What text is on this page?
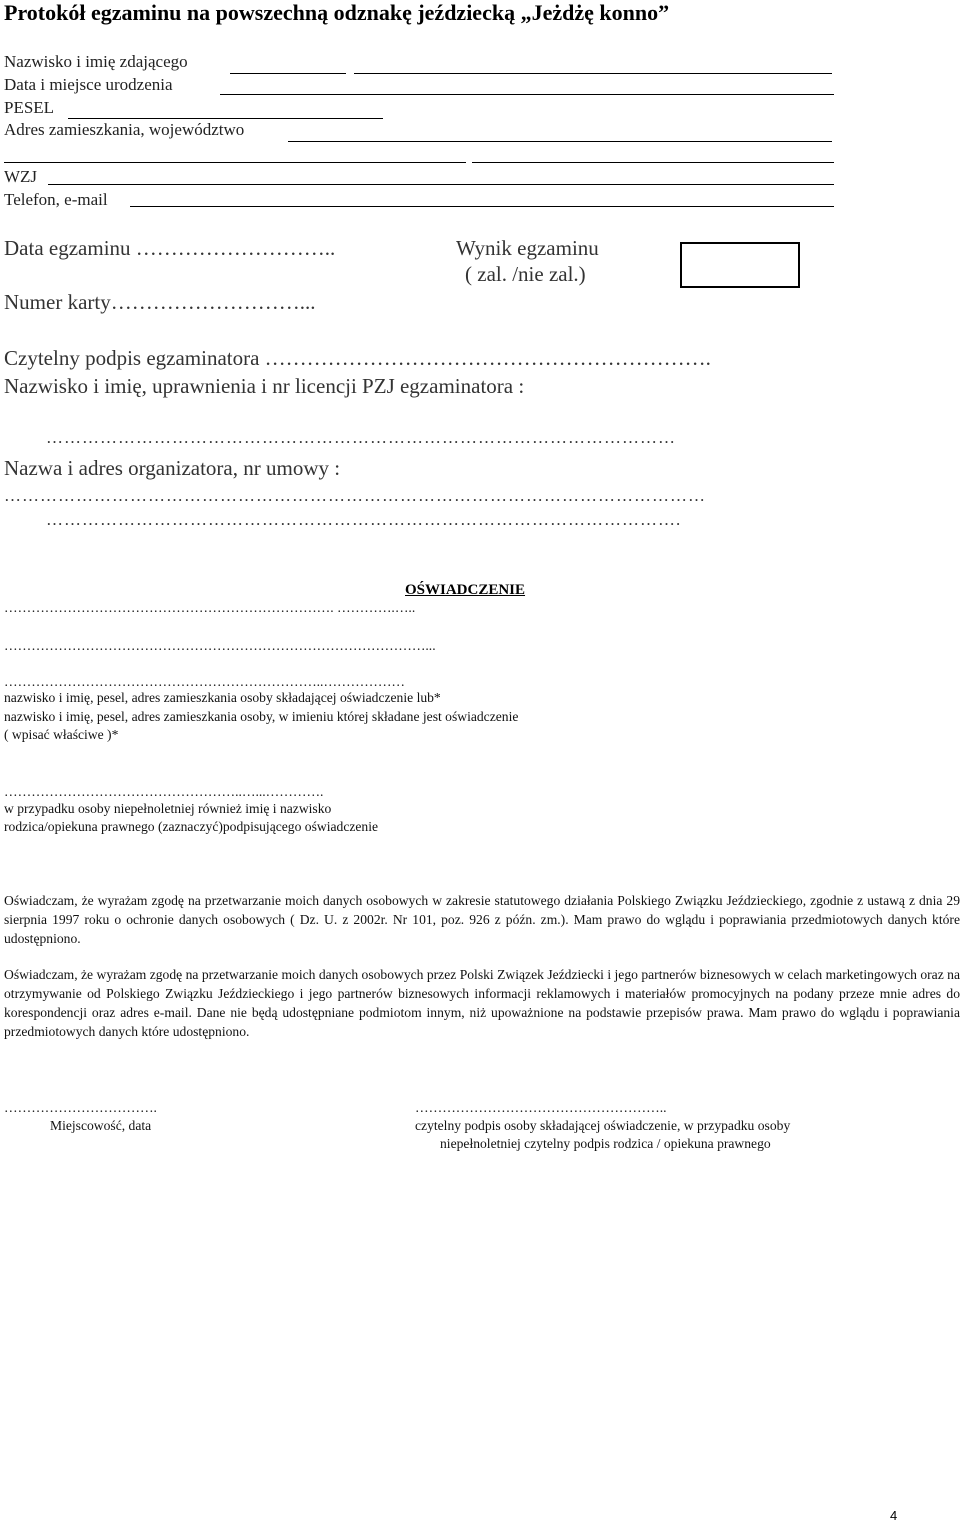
Protokół egzaminu na powszechną odznakę jeździecką „Jeżdżę konno”
Nazwisko i imię zdającego
Data i miejsce urodzenia
PESEL
Adres zamieszkania, województwo
WZJ
Telefon, e-mail
Data egzaminu ………………………..
Numer karty………………………...
Wynik egzaminu
( zal. /nie zal.)
Czytelny podpis egzaminatora ……………………………………………………….
Nazwisko i imię, uprawnienia i nr licencji PZJ egzaminatora :
……………………………………………………………………………………………
Nazwa i adres organizatora, nr umowy :
………………………………………………………………………………………………………
…………………………………………………………………………………………….
OŚWIADCZENIE
………………………………………………………………. ………….…..
…………………………………………………………………………………...
……………………………………………………………..………………
nazwisko i imię, pesel, adres zamieszkania osoby składającej oświadczenie lub*
nazwisko i imię, pesel, adres zamieszkania osoby, w imieniu której składane jest oświadczenie
( wpisać właściwe )*
……………………………………………..…...………….
w przypadku osoby niepełnoletniej również imię i nazwisko
rodzica/opiekuna prawnego (zaznaczyć)podpisującego oświadczenie
Oświadczam, że wyrażam zgodę na przetwarzanie moich danych osobowych w zakresie statutowego działania Polskiego Związku Jeździeckiego, zgodnie z ustawą z dnia 29 sierpnia 1997 roku o ochronie danych osobowych ( Dz. U. z 2002r. Nr 101, poz. 926 z późn. zm.). Mam prawo do wglądu i poprawiania przedmiotowych danych które udostępniono.
Oświadczam, że wyrażam zgodę na przetwarzanie moich danych osobowych przez Polski Związek Jeździecki i jego partnerów biznesowych w celach marketingowych oraz na otrzymywanie od Polskiego Związku Jeździeckiego i jego partnerów biznesowych informacji reklamowych i materiałów promocyjnych na podany przeze mnie adres do korespondencji oraz adres e-mail. Dane nie będą udostępniane podmiotom innym, niż upoważnione na podstawie przepisów prawa. Mam prawo do wglądu i poprawiania przedmiotowych danych które udostępniono.
…………………………….
Miejscowość, data
………………………………………………..
czytelny podpis osoby składającej oświadczenie, w przypadku osoby
niepełnoletniej czytelny podpis rodzica / opiekuna prawnego
4
